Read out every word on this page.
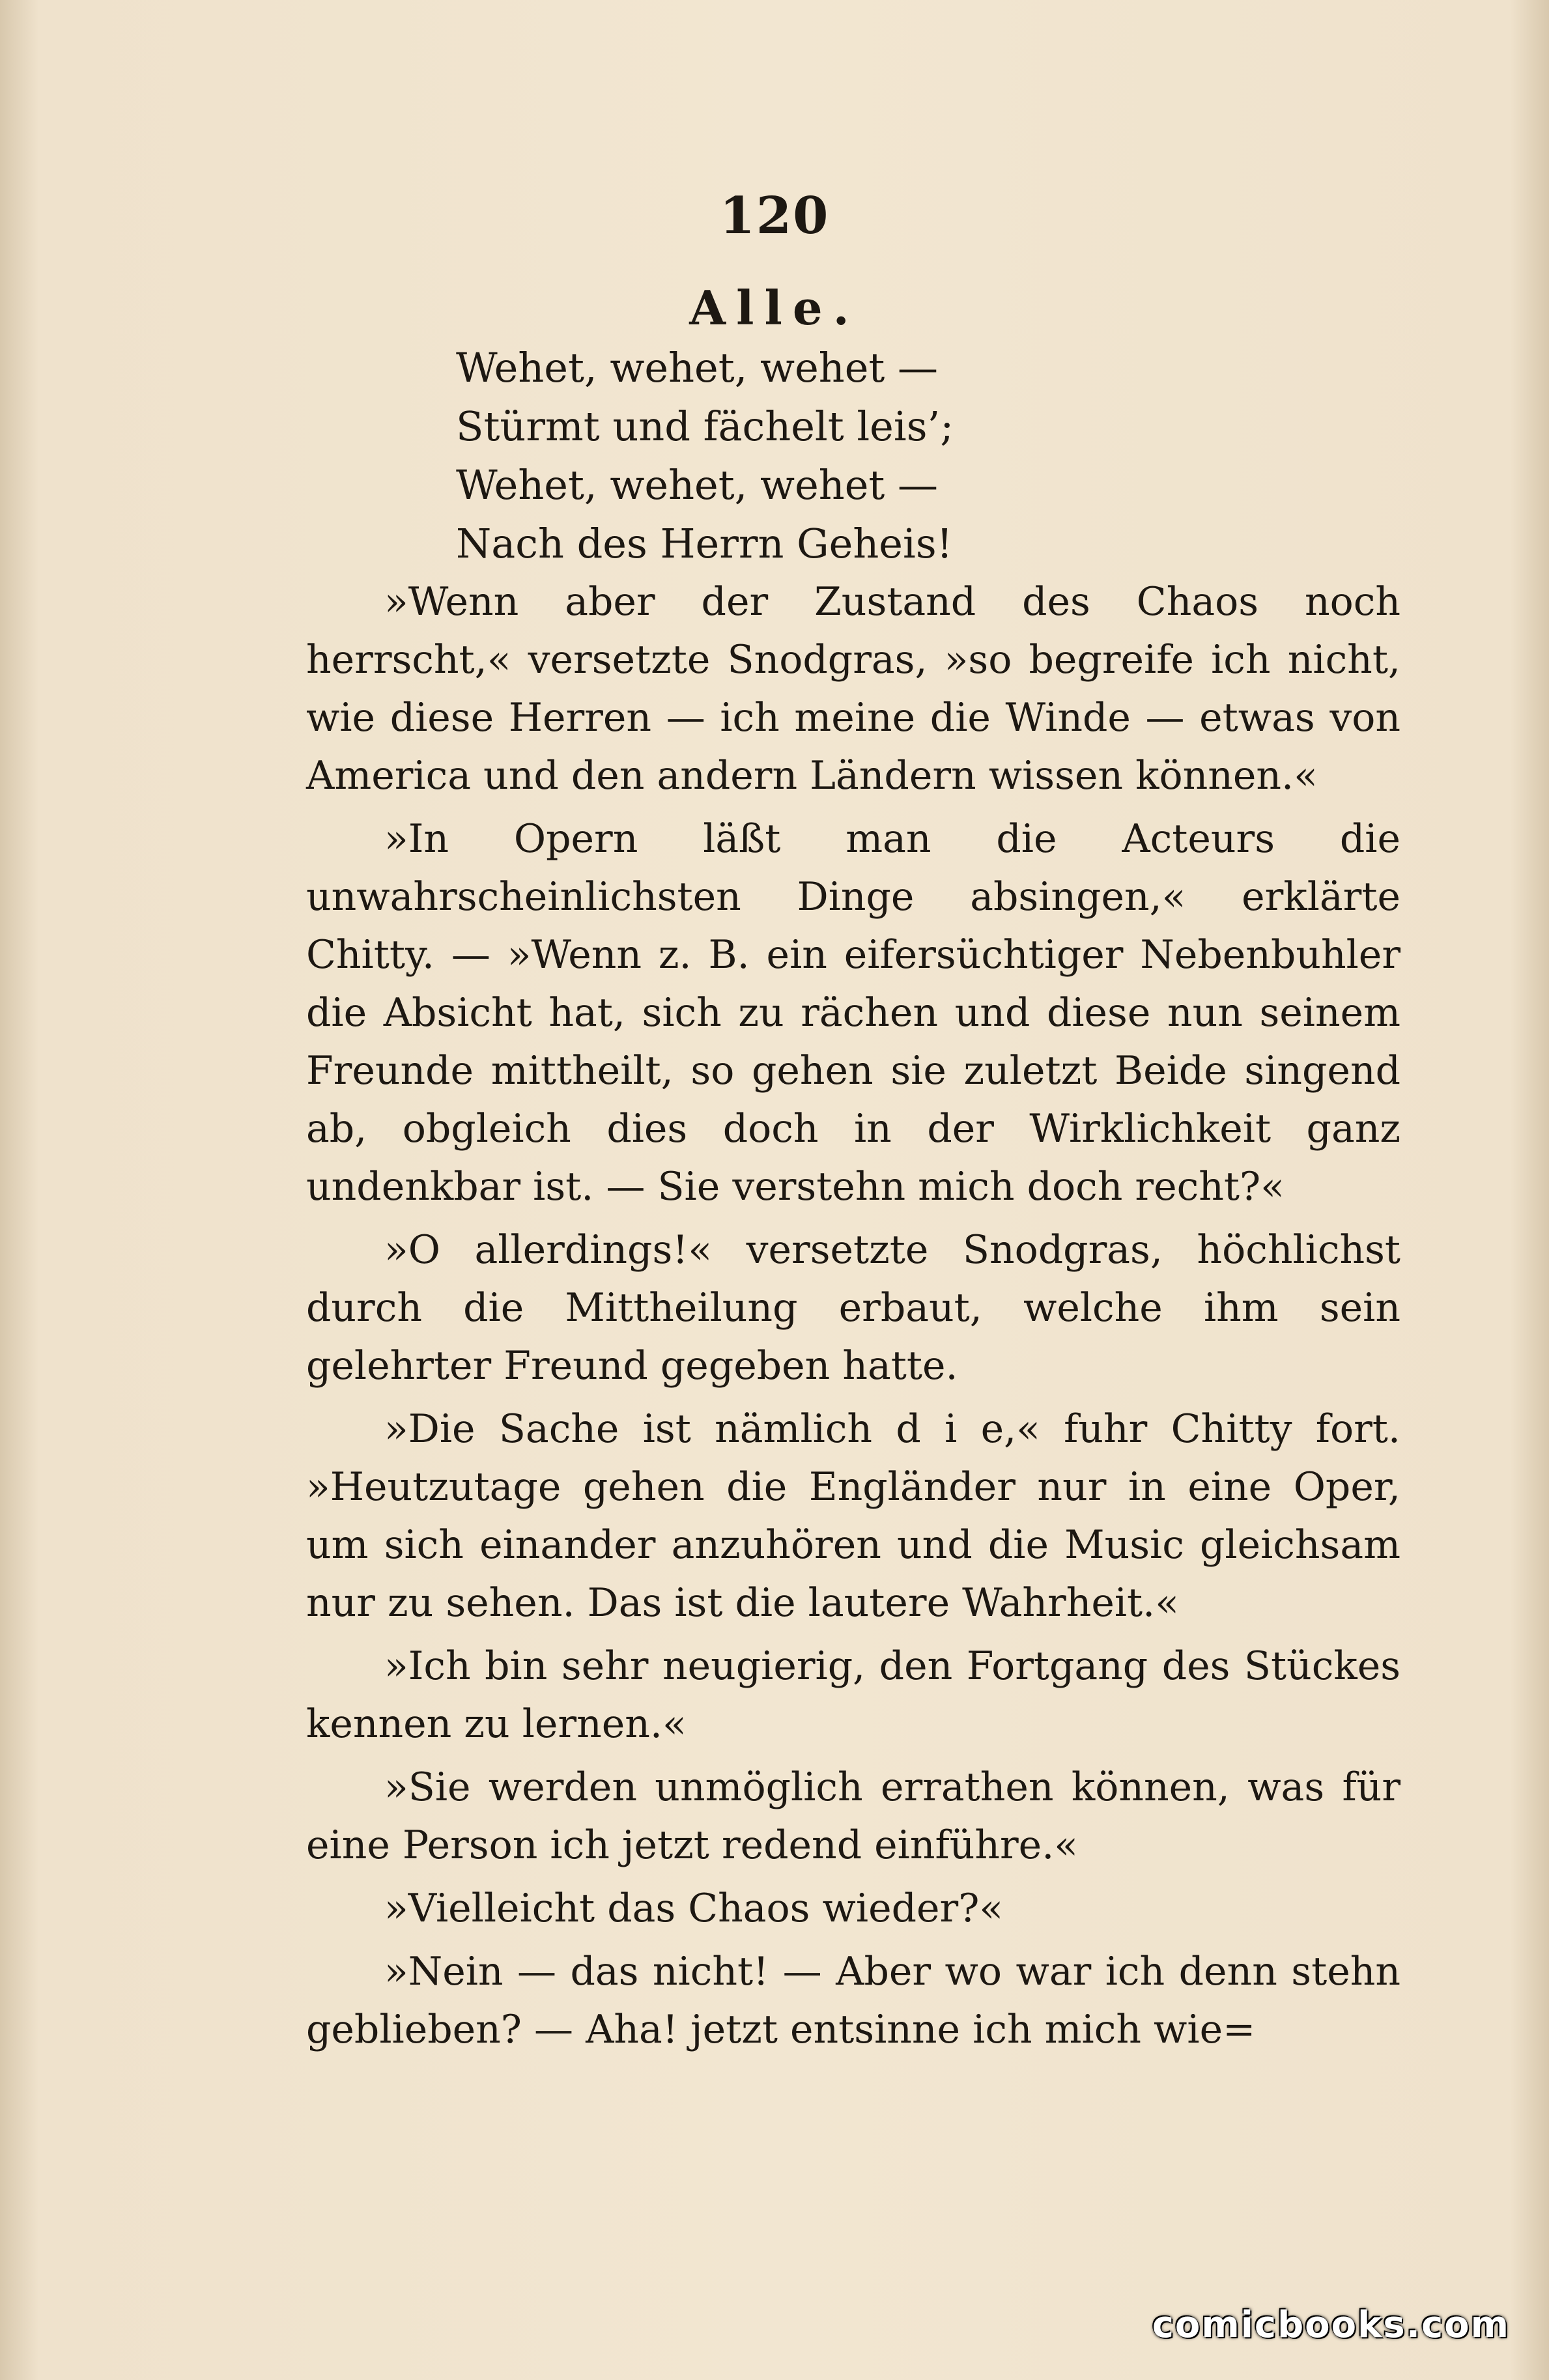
120
Alle.
Wehet, wehet, wehet —
Stürmt und fächelt leis’;
Wehet, wehet, wehet —
Nach des Herrn Geheis!

»Wenn aber der Zustand des Chaos noch herrscht,« versetzte Snodgras, »so begreife ich nicht, wie diese Herren — ich meine die Winde — etwas von America und den andern Ländern wissen können.«

»In Opern läßt man die Acteurs die unwahrscheinlichsten Dinge absingen,« erklärte Chitty. — »Wenn z. B. ein eifersüchtiger Nebenbuhler die Absicht hat, sich zu rächen und diese nun seinem Freunde mittheilt, so gehen sie zuletzt Beide singend ab, obgleich dies doch in der Wirklichkeit ganz undenkbar ist. — Sie verstehn mich doch recht?«

»O allerdings!« versetzte Snodgras, höchlichst durch die Mittheilung erbaut, welche ihm sein gelehrter Freund gegeben hatte.

»Die Sache ist nämlich d i e,« fuhr Chitty fort. »Heutzutage gehen die Engländer nur in eine Oper, um sich einander anzuhören und die Music gleichsam nur zu sehen. Das ist die lautere Wahrheit.«

»Ich bin sehr neugierig, den Fortgang des Stückes kennen zu lernen.«

»Sie werden unmöglich errathen können, was für eine Person ich jetzt redend einführe.«

»Vielleicht das Chaos wieder?«

»Nein — das nicht! — Aber wo war ich denn stehn geblieben? — Aha! jetzt entsinne ich mich wie=

comicbooks.com
